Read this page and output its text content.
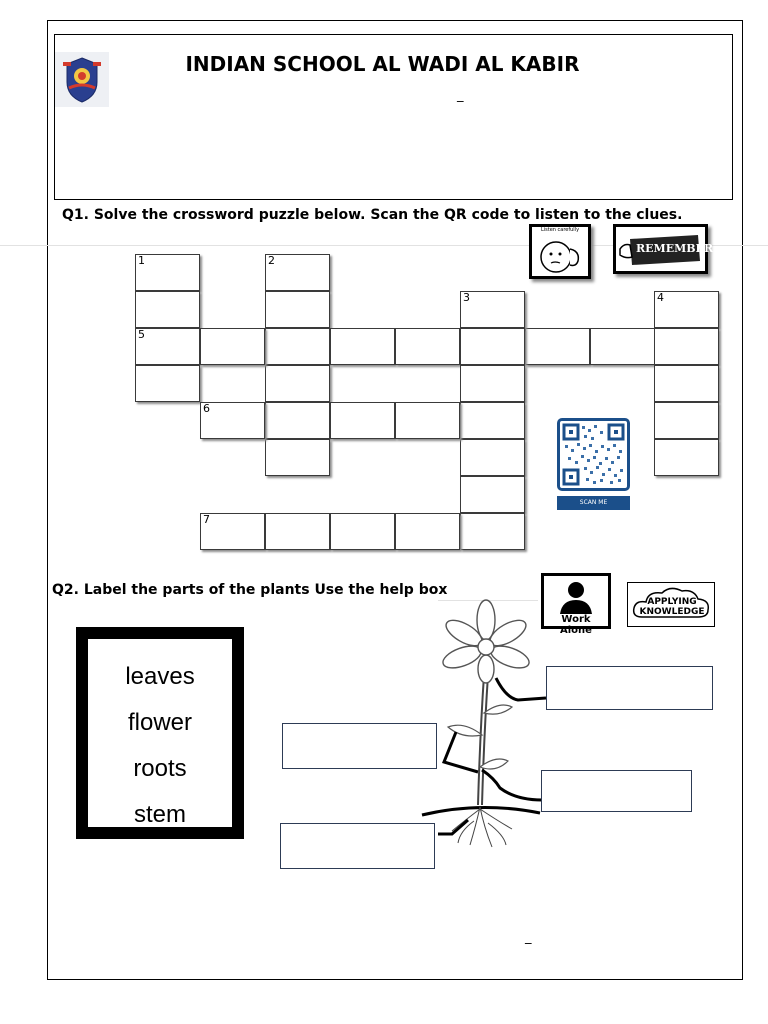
INDIAN SCHOOL AL WADI AL KABIR
_
Q1. Solve the crossword puzzle below. Scan the QR code to listen to the clues.
Listen carefully
REMEMBER
1
5
2
3	4
6
7
SCAN ME
Q2. Label the parts of the plants Use the help box
Work Alone
APPLYING KNOWLEDGE
leaves
flower
roots
stem
_
